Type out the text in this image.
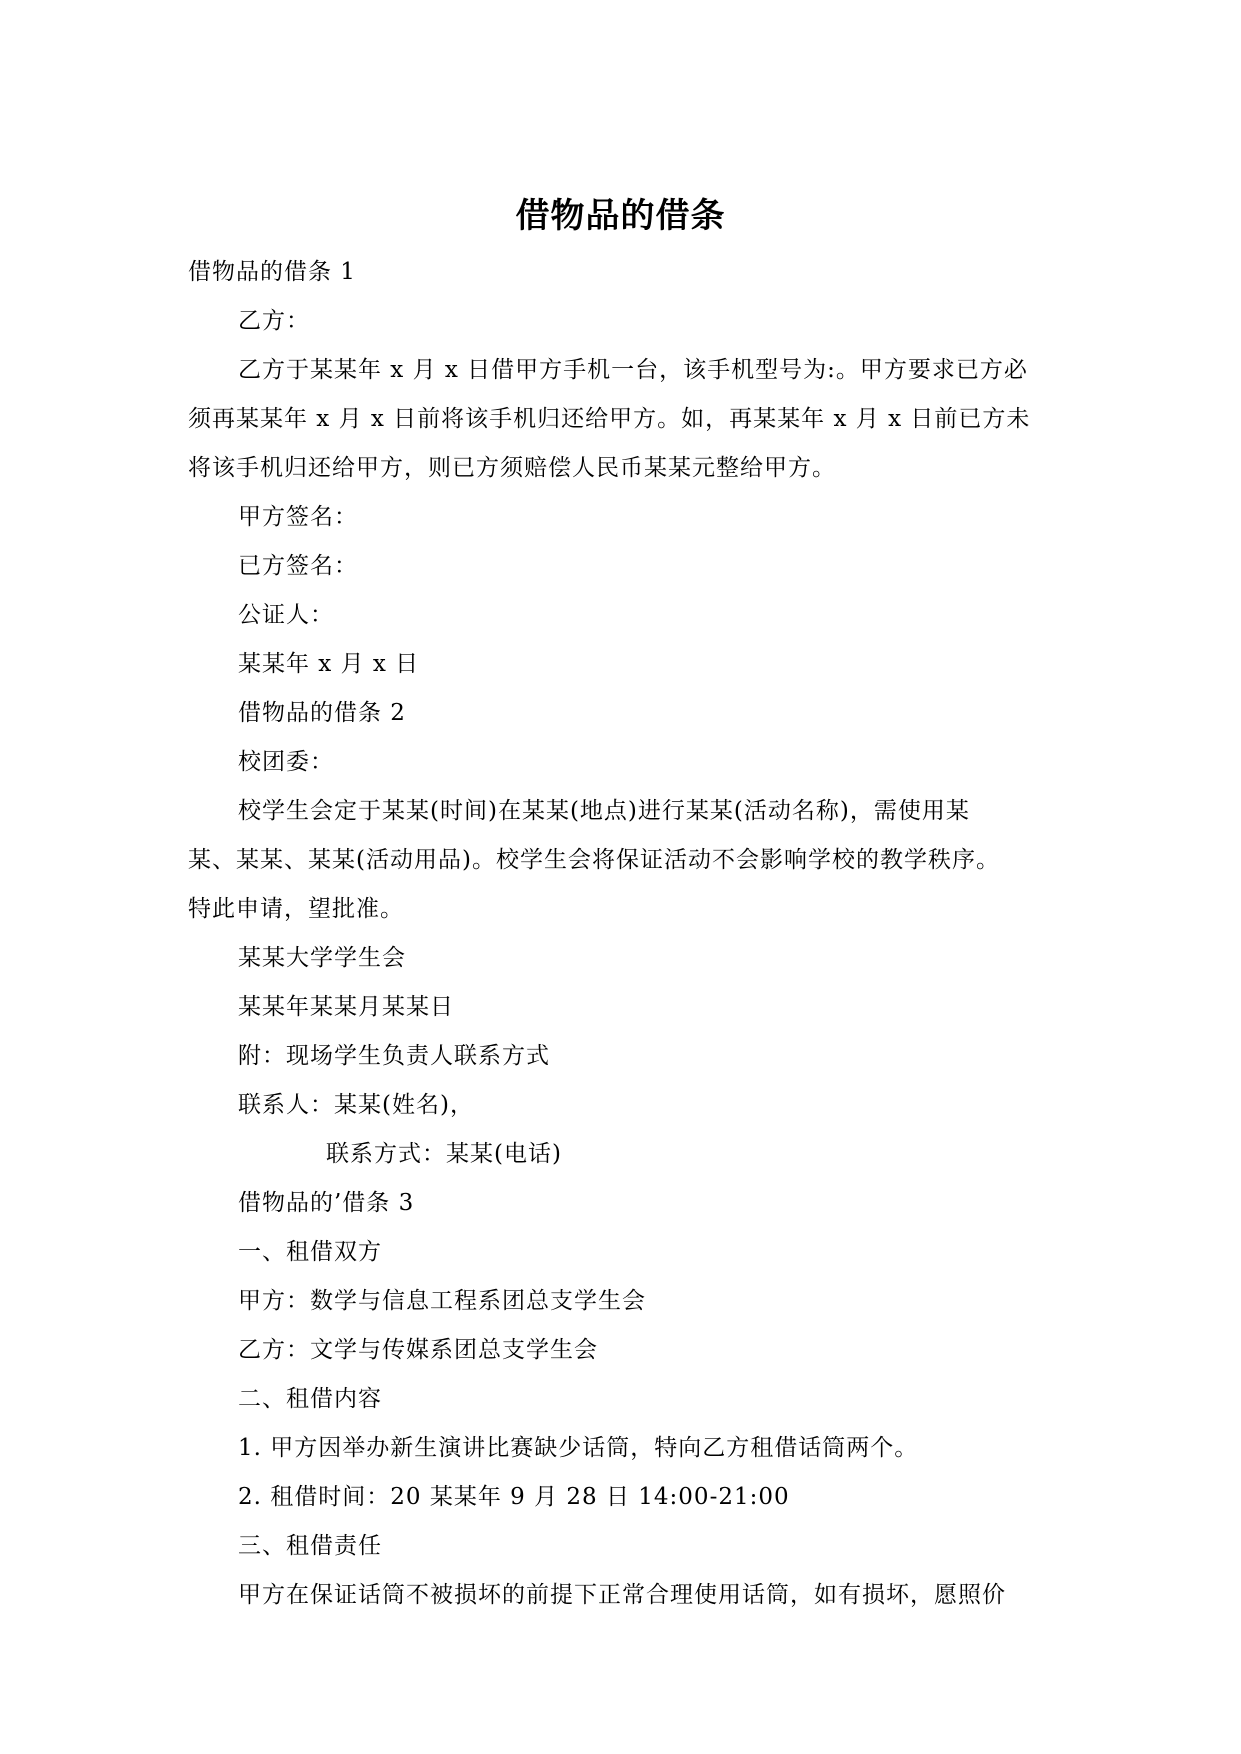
借物品的借条
借物品的借条 1
乙方：
乙方于某某年 x 月 x 日借甲方手机一台，该手机型号为:。甲方要求已方必
须再某某年 x 月 x 日前将该手机归还给甲方。如，再某某年 x 月 x 日前已方未
将该手机归还给甲方，则已方须赔偿人民币某某元整给甲方。
甲方签名：
已方签名：
公证人：
某某年 x 月 x 日
借物品的借条 2
校团委：
校学生会定于某某(时间)在某某(地点)进行某某(活动名称)，需使用某
某、某某、某某(活动用品)。校学生会将保证活动不会影响学校的教学秩序。
特此申请，望批准。
某某大学学生会
某某年某某月某某日
附：现场学生负责人联系方式
联系人：某某(姓名)，
联系方式：某某(电话)
借物品的’借条 3
一、租借双方
甲方：数学与信息工程系团总支学生会
乙方：文学与传媒系团总支学生会
二、租借内容
1. 甲方因举办新生演讲比赛缺少话筒，特向乙方租借话筒两个。
2. 租借时间：20 某某年 9 月 28 日 14:00-21:00
三、租借责任
甲方在保证话筒不被损坏的前提下正常合理使用话筒，如有损坏，愿照价
